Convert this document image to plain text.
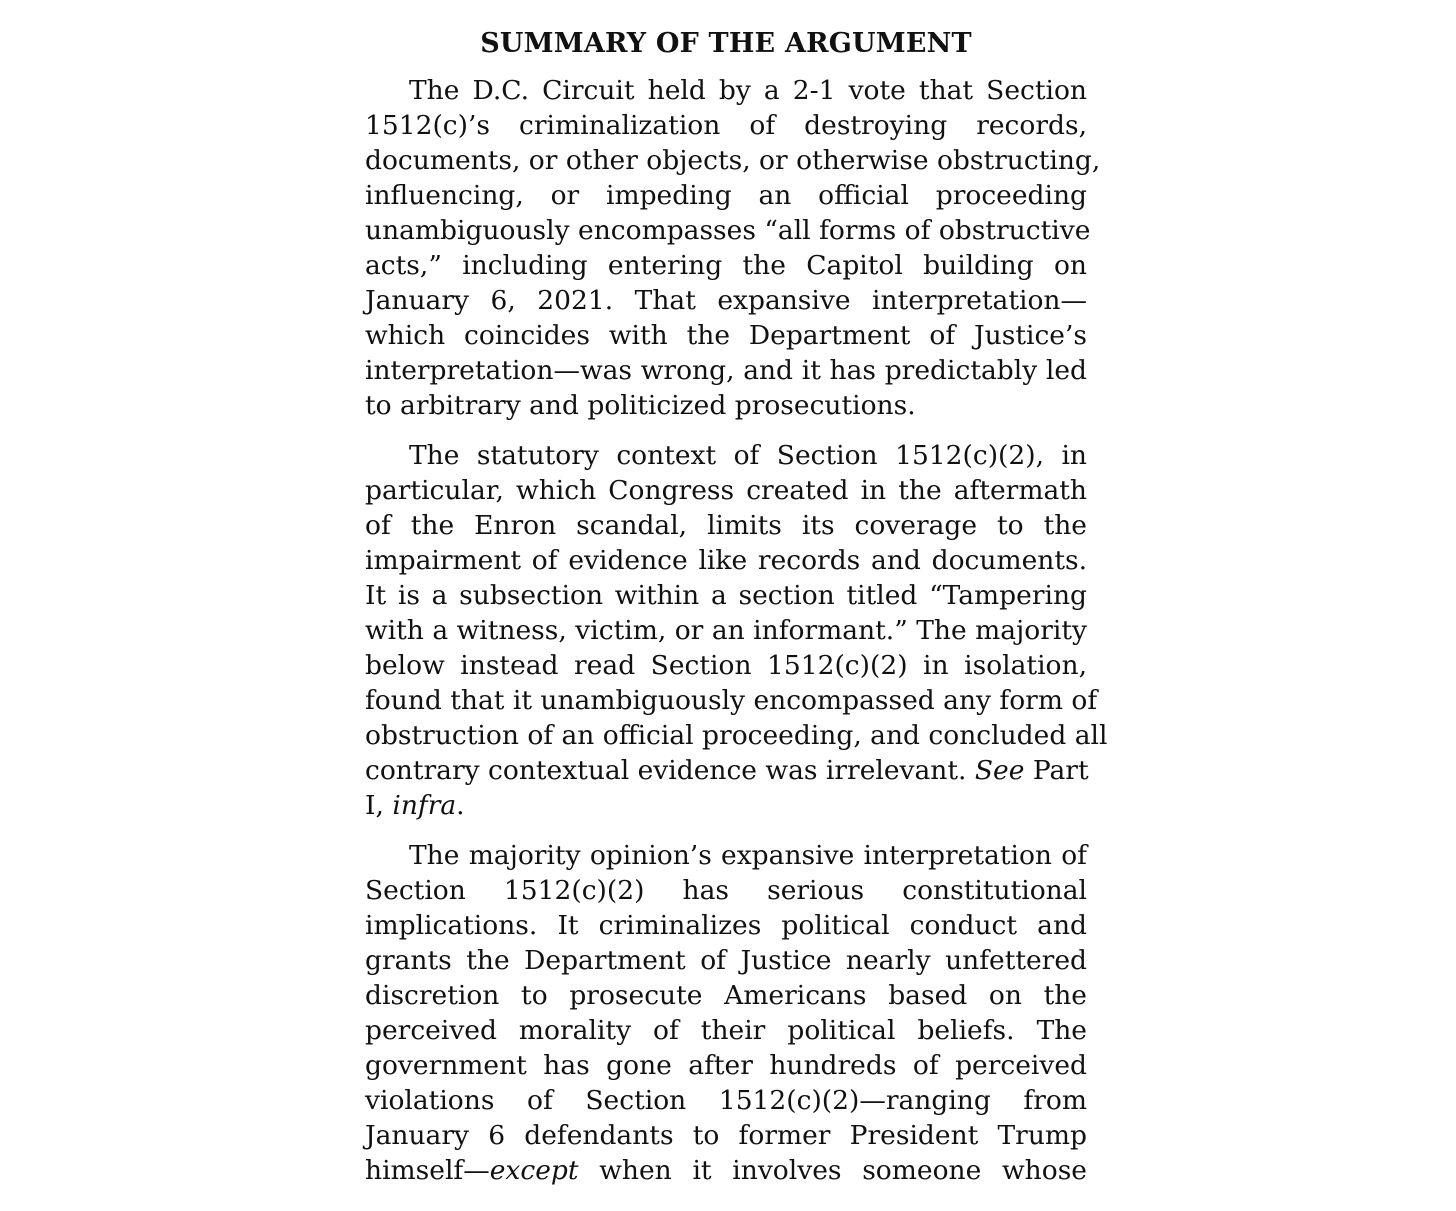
SUMMARY OF THE ARGUMENT
The D.C. Circuit held by a 2-1 vote that Section
1512(c)’s criminalization of destroying records,
documents, or other objects, or otherwise obstructing,
influencing, or impeding an official proceeding
unambiguously encompasses “all forms of obstructive
acts,” including entering the Capitol building on
January 6, 2021. That expansive interpretation—
which coincides with the Department of Justice’s
interpretation—was wrong, and it has predictably led
to arbitrary and politicized prosecutions.
The statutory context of Section 1512(c)(2), in
particular, which Congress created in the aftermath
of the Enron scandal, limits its coverage to the
impairment of evidence like records and documents.
It is a subsection within a section titled “Tampering
with a witness, victim, or an informant.” The majority
below instead read Section 1512(c)(2) in isolation,
found that it unambiguously encompassed any form of
obstruction of an official proceeding, and concluded all
contrary contextual evidence was irrelevant. See Part
I, infra.
The majority opinion’s expansive interpretation of
Section 1512(c)(2) has serious constitutional
implications. It criminalizes political conduct and
grants the Department of Justice nearly unfettered
discretion to prosecute Americans based on the
perceived morality of their political beliefs. The
government has gone after hundreds of perceived
violations of Section 1512(c)(2)—ranging from
January 6 defendants to former President Trump
himself—except when it involves someone whose
